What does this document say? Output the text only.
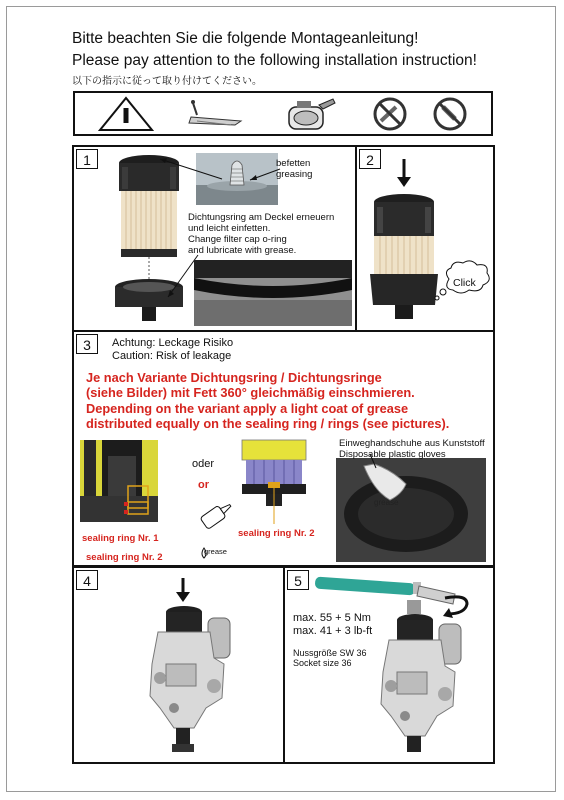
Bitte beachten Sie die folgende Montageanleitung!
Please pay attention to the following installation instruction!
以下の指示に従って取り付けてください。
1	befetten
greasing
Dichtungsring am Deckel erneuern
und leicht einfetten.
Change filter cap o-ring
and lubricate with grease.
2
Click
3	Achtung: Leckage Risiko
Caution: Risk of leakage
Je nach Variante Dichtungsring / Dichtungsringe
(siehe Bilder) mit Fett 360° gleichmäßig einschmieren.
Depending on the variant apply a light coat of grease
distributed equally on the sealing ring / rings (see pictures).
oder
or
Einweghandschuhe aus Kunststoff
Disposable plastic gloves
grease
sealing ring Nr. 1
sealing ring Nr. 2
sealing ring Nr. 2
grease
4	5
max. 55 + 5 Nm
max. 41 + 3 lb-ft
Nussgröße SW 36
Socket size 36
